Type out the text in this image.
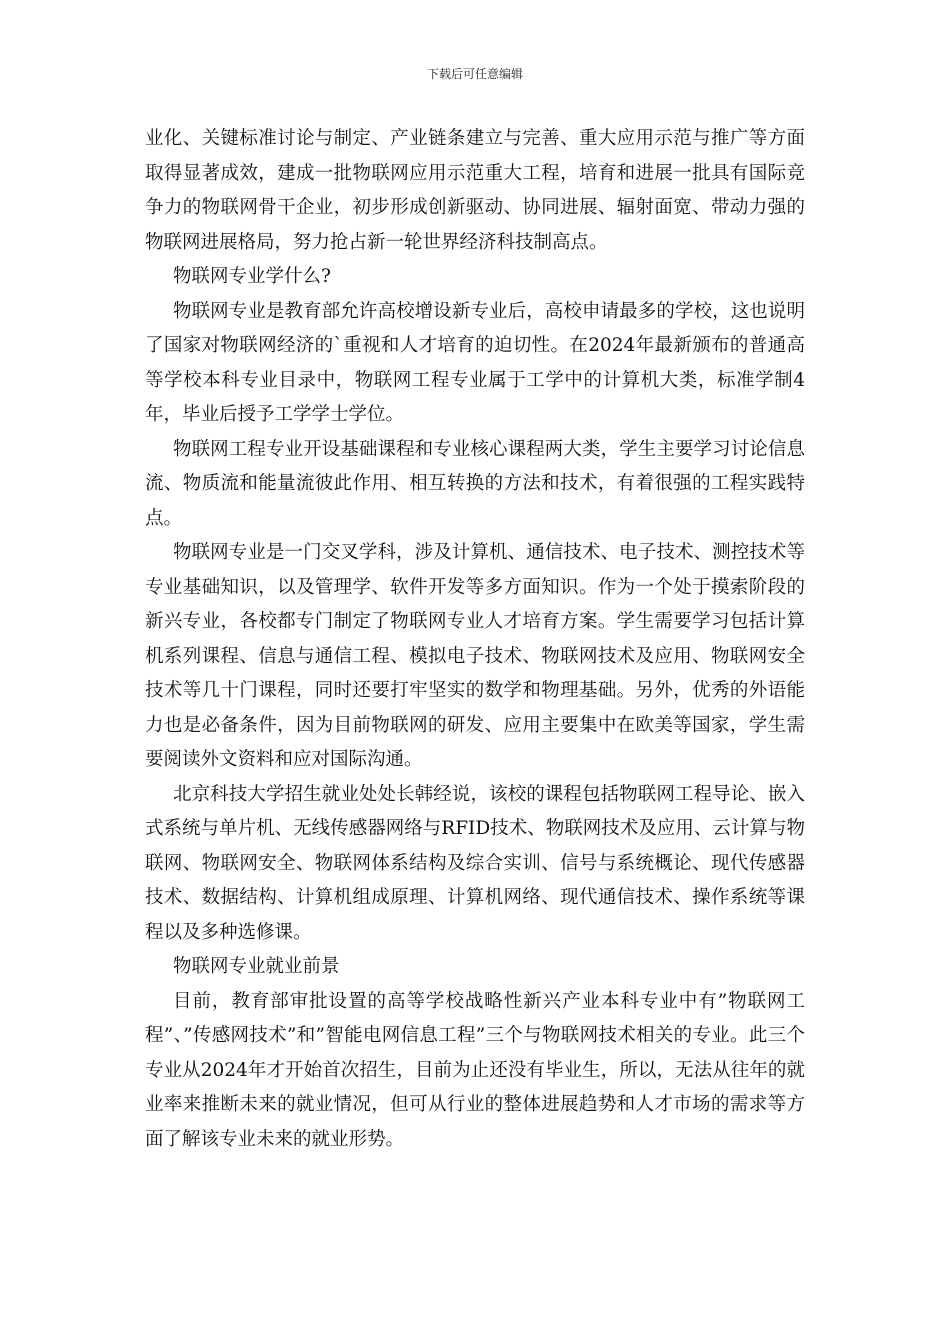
下载后可任意编辑

业化、关键标准讨论与制定、产业链条建立与完善、重大应用示范与推广等方面取得显著成效，建成一批物联网应用示范重大工程，培育和进展一批具有国际竞争力的物联网骨干企业，初步形成创新驱动、协同进展、辐射面宽、带动力强的物联网进展格局，努力抢占新一轮世界经济科技制高点。

物联网专业学什么?

物联网专业是教育部允许高校增设新专业后，高校申请最多的学校，这也说明了国家对物联网经济的`重视和人才培育的迫切性。在2024年最新颁布的普通高等学校本科专业目录中，物联网工程专业属于工学中的计算机大类，标准学制4年，毕业后授予工学学士学位。

物联网工程专业开设基础课程和专业核心课程两大类，学生主要学习讨论信息流、物质流和能量流彼此作用、相互转换的方法和技术，有着很强的工程实践特点。

物联网专业是一门交叉学科，涉及计算机、通信技术、电子技术、测控技术等专业基础知识，以及管理学、软件开发等多方面知识。作为一个处于摸索阶段的新兴专业，各校都专门制定了物联网专业人才培育方案。学生需要学习包括计算机系列课程、信息与通信工程、模拟电子技术、物联网技术及应用、物联网安全技术等几十门课程，同时还要打牢坚实的数学和物理基础。另外，优秀的外语能力也是必备条件，因为目前物联网的研发、应用主要集中在欧美等国家，学生需要阅读外文资料和应对国际沟通。

北京科技大学招生就业处处长韩经说，该校的课程包括物联网工程导论、嵌入式系统与单片机、无线传感器网络与RFID技术、物联网技术及应用、云计算与物联网、物联网安全、物联网体系结构及综合实训、信号与系统概论、现代传感器技术、数据结构、计算机组成原理、计算机网络、现代通信技术、操作系统等课程以及多种选修课。

物联网专业就业前景

目前，教育部审批设置的高等学校战略性新兴产业本科专业中有”物联网工程”、”传感网技术”和”智能电网信息工程”三个与物联网技术相关的专业。此三个专业从2024年才开始首次招生，目前为止还没有毕业生，所以，无法从往年的就业率来推断未来的就业情况，但可从行业的整体进展趋势和人才市场的需求等方面了解该专业未来的就业形势。
